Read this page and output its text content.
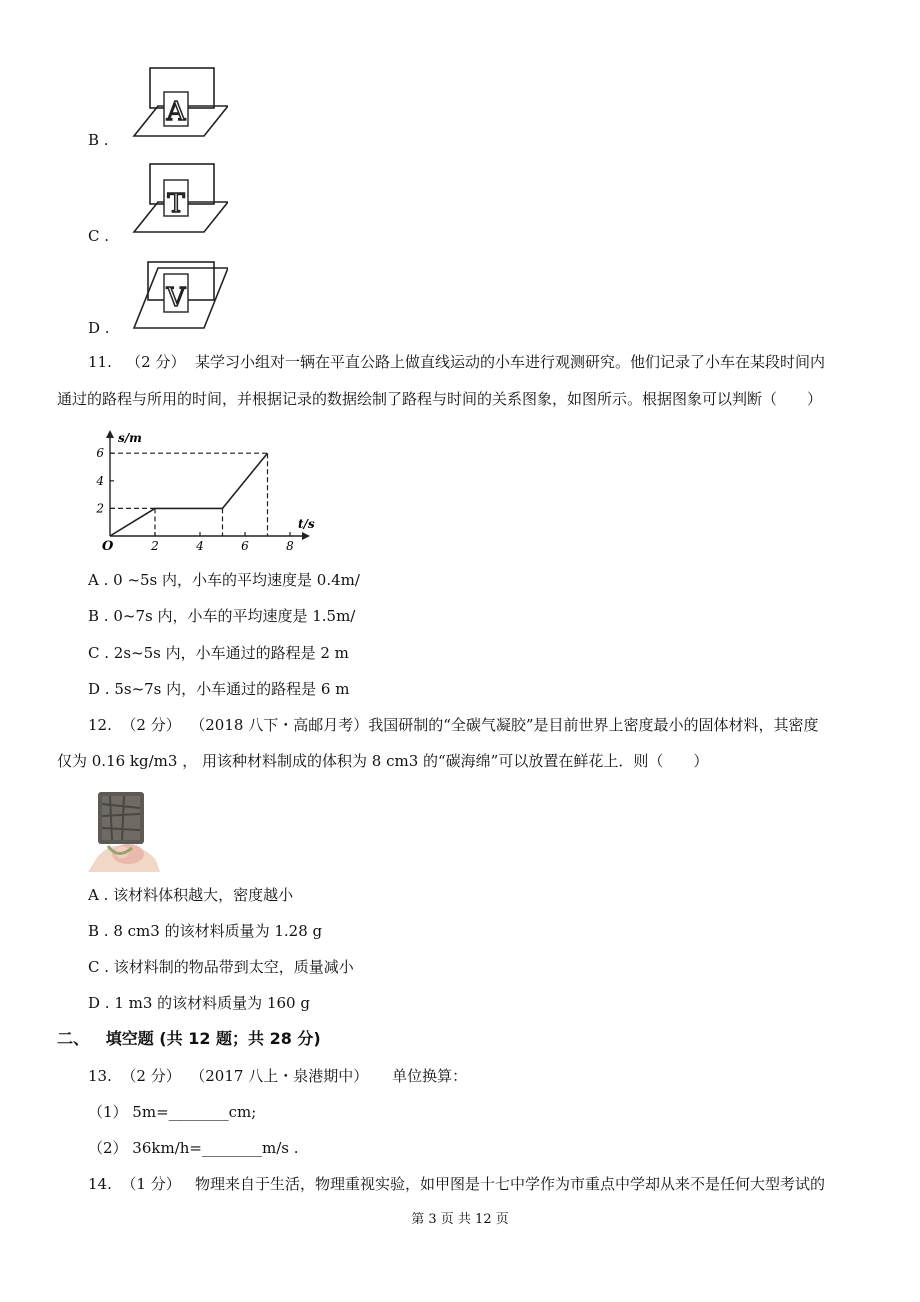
B .
A
C .
T
D .
V
11. （2 分） 某学习小组对一辆在平直公路上做直线运动的小车进行观测研究。他们记录了小车在某段时间内
通过的路程与所用的时间，并根据记录的数据绘制了路程与时间的关系图象，如图所示。根据图象可以判断（　　）
2	4	6	8
2
4
6
O
s/m
t/s
A . 0 ~5s 内，小车的平均速度是 0.4m/
B . 0~7s 内，小车的平均速度是 1.5m/
C . 2s~5s 内，小车通过的路程是 2 m
D . 5s~7s 内，小车通过的路程是 6 m
12. （2 分） （2018 八下・高邮月考）我国研制的“全碳气凝胶”是目前世界上密度最小的固体材料，其密度
仅为 0.16 kg/m3 ， 用该种材料制成的体积为 8 cm3 的“碳海绵”可以放置在鲜花上．则（　　）
A . 该材料体积越大，密度越小
B . 8 cm3 的该材料质量为 1.28 g
C . 该材料制的物品带到太空，质量减小
D . 1 m3 的该材料质量为 160 g
二、 填空题 (共 12 题；共 28 分)
13. （2 分） （2017 八上・泉港期中） 单位换算：
（1） 5m=________cm;
（2） 36km/h=________m/s .
14. （1 分） 物理来自于生活，物理重视实验，如甲图是十七中学作为市重点中学却从来不是任何大型考试的
第 3 页 共 12 页
